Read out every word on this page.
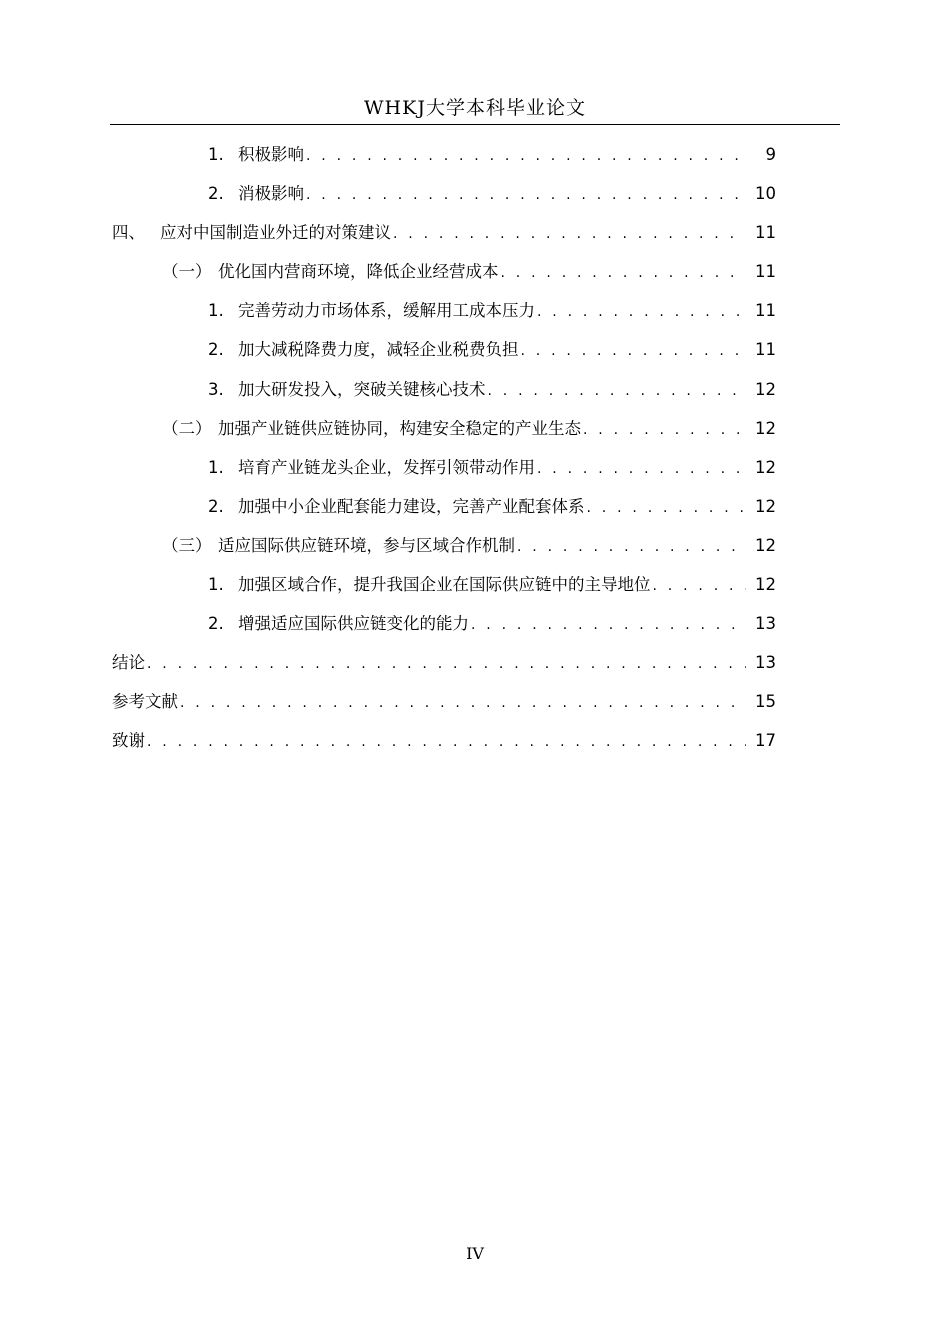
WHKJ大学本科毕业论文
1. 积极影响 . . .	9
2. 消极影响 . . .	10
四、 应对中国制造业外迁的对策建议 . . .	11
（一） 优化国内营商环境，降低企业经营成本 . . .	11
1. 完善劳动力市场体系，缓解用工成本压力 . . .	11
2. 加大减税降费力度，减轻企业税费负担 . . .	11
3. 加大研发投入，突破关键核心技术 . . .	12
（二） 加强产业链供应链协同，构建安全稳定的产业生态 . . .	12
1. 培育产业链龙头企业，发挥引领带动作用 . . .	12
2. 加强中小企业配套能力建设，完善产业配套体系 . . .	12
（三） 适应国际供应链环境，参与区域合作机制 . . .	12
1. 加强区域合作，提升我国企业在国际供应链中的主导地位 . . .	12
2. 增强适应国际供应链变化的能力 . . .	13
结论 . . .	13
参考文献 . . .	15
致谢 . . .	17
IV
